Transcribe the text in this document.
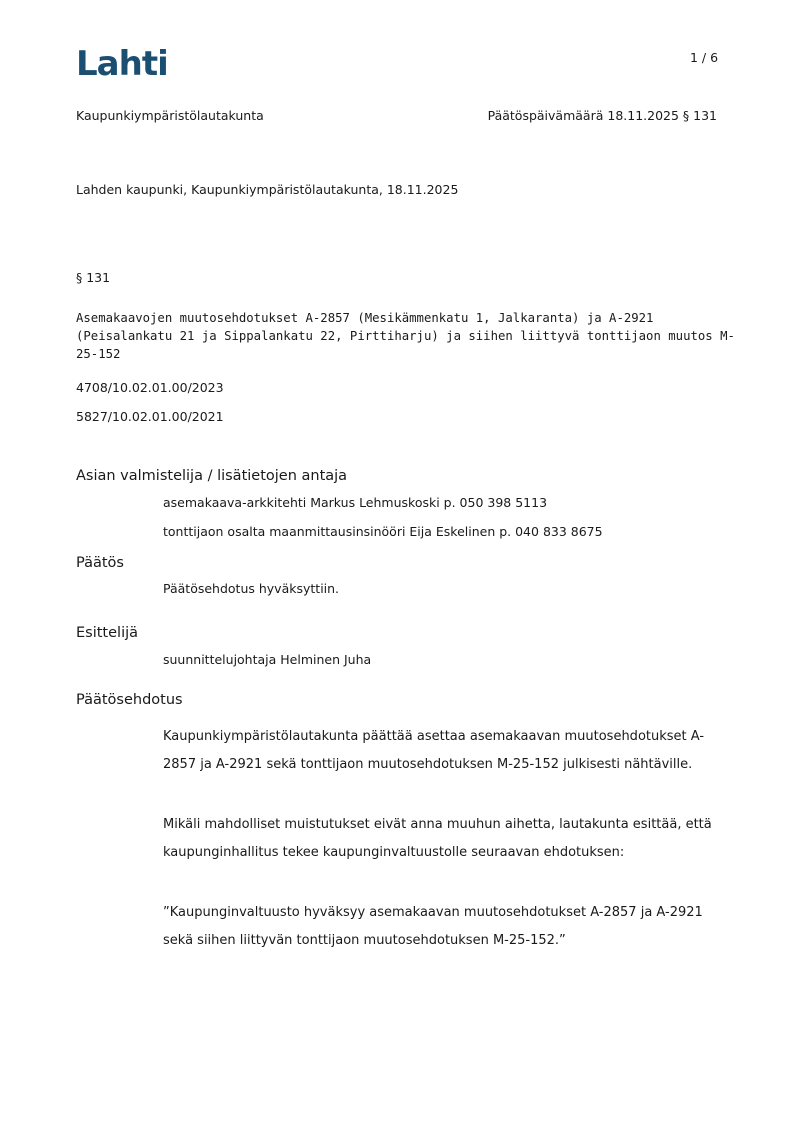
Lahti	1 / 6
Kaupunkiympäristölautakunta	Päätöspäivämäärä 18.11.2025 § 131
Lahden kaupunki, Kaupunkiympäristölautakunta, 18.11.2025
§ 131
Asemakaavojen muutosehdotukset A-2857 (Mesikämmenkatu 1, Jalkaranta) ja A-2921
(Peisalankatu 21 ja Sippalankatu 22, Pirttiharju) ja siihen liittyvä tonttijaon muutos M-
25-152
4708/10.02.01.00/2023
5827/10.02.01.00/2021
Asian valmistelija / lisätietojen antaja
asemakaava-arkkitehti Markus Lehmuskoski p. 050 398 5113
tonttijaon osalta maanmittausinsinööri Eija Eskelinen p. 040 833 8675
Päätös
Päätösehdotus hyväksyttiin.
Esittelijä
suunnittelujohtaja Helminen Juha
Päätösehdotus
Kaupunkiympäristölautakunta päättää asettaa asemakaavan muutosehdotukset A-
2857 ja A-2921 sekä tonttijaon muutosehdotuksen M-25-152 julkisesti nähtäville.
Mikäli mahdolliset muistutukset eivät anna muuhun aihetta, lautakunta esittää, että
kaupunginhallitus tekee kaupunginvaltuustolle seuraavan ehdotuksen:
”Kaupunginvaltuusto hyväksyy asemakaavan muutosehdotukset A-2857 ja A-2921
sekä siihen liittyvän tonttijaon muutosehdotuksen M-25-152.”
